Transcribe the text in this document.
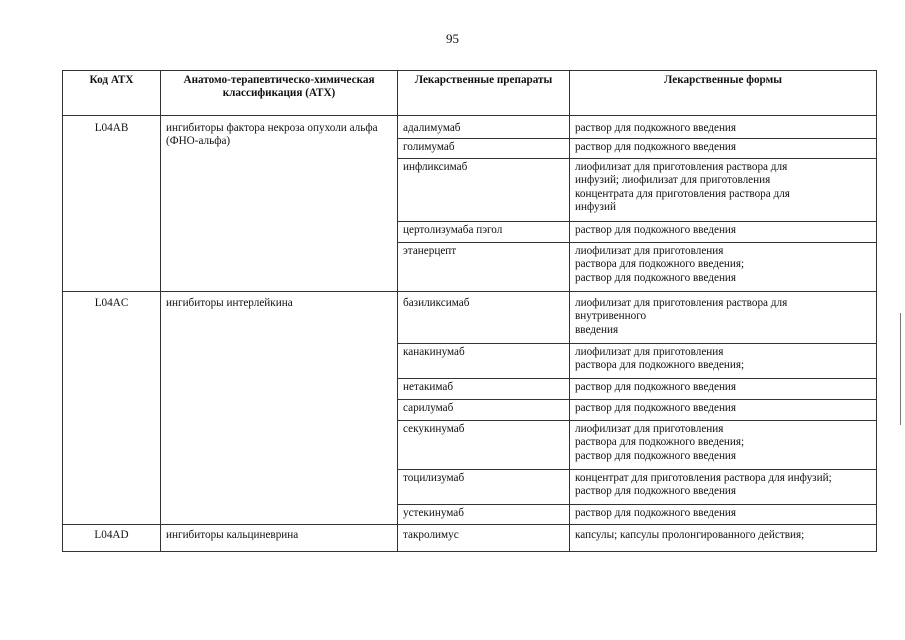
95
Код АТХ	Анатомо-терапевтическо-химическая классификация (АТХ)	Лекарственные препараты	Лекарственные формы
L04AB	ингибиторы фактора некроза опухоли альфа (ФНО-альфа)	адалимумаб	раствор для подкожного введения
		голимумаб	раствор для подкожного введения
		инфликсимаб	лиофилизат для приготовления раствора для
инфузий; лиофилизат для приготовления
концентрата для приготовления раствора для
инфузий
		цертолизумаба пэгол	раствор для подкожного введения
		этанерцепт	лиофилизат для приготовления
раствора для подкожного введения;
раствор для подкожного введения
L04AC	ингибиторы интерлейкина	базиликсимаб	лиофилизат для приготовления раствора для
внутривенного
введения
		канакинумаб	лиофилизат для приготовления
раствора для подкожного введения;
		нетакимаб	раствор для подкожного введения
		сарилумаб	раствор для подкожного введения
		секукинумаб	лиофилизат для приготовления
раствора для подкожного введения;
раствор для подкожного введения
		тоцилизумаб	концентрат для приготовления раствора для инфузий;
раствор для подкожного введения
		устекинумаб	раствор для подкожного введения
L04AD	ингибиторы кальциневрина	такролимус	капсулы; капсулы пролонгированного действия;
